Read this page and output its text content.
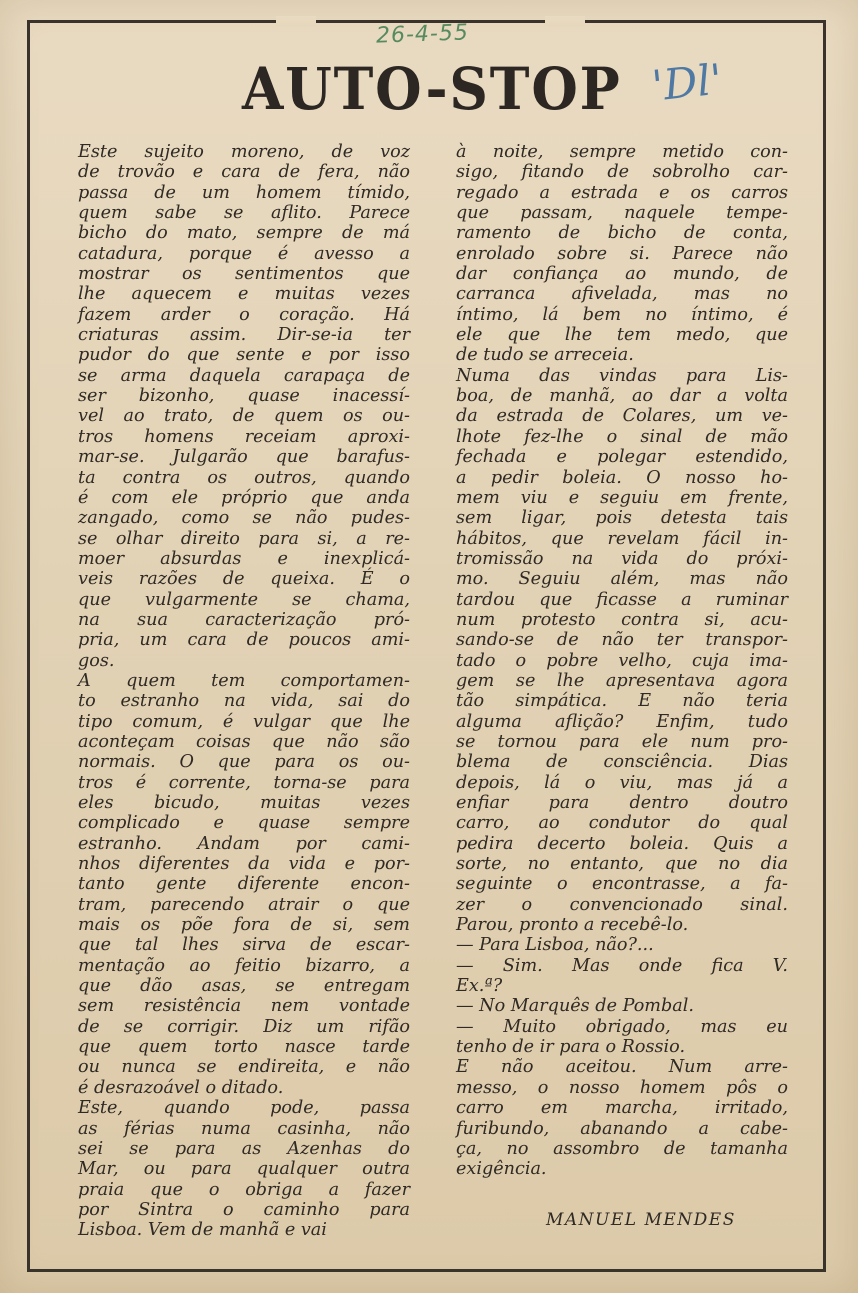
26-4-55
AUTO-STOP 'Dl'
Este sujeito moreno, de voz
de trovão e cara de fera, não
passa de um homem tímido,
quem sabe se aflito. Parece
bicho do mato, sempre de má
catadura, porque é avesso a
mostrar os sentimentos que
lhe aquecem e muitas vezes
fazem arder o coração. Há
criaturas assim. Dir-se-ia ter
pudor do que sente e por isso
se arma daquela carapaça de
ser bizonho, quase inacessí-
vel ao trato, de quem os ou-
tros homens receiam aproxi-
mar-se. Julgarão que barafus-
ta contra os outros, quando
é com ele próprio que anda
zangado, como se não pudes-
se olhar direito para si, a re-
moer absurdas e inexplicá-
veis razões de queixa. É o
que vulgarmente se chama,
na sua caracterização pró-
pria, um cara de poucos ami-
gos.
A quem tem comportamen-
to estranho na vida, sai do
tipo comum, é vulgar que lhe
aconteçam coisas que não são
normais. O que para os ou-
tros é corrente, torna-se para
eles bicudo, muitas vezes
complicado e quase sempre
estranho. Andam por cami-
nhos diferentes da vida e por-
tanto gente diferente encon-
tram, parecendo atrair o que
mais os põe fora de si, sem
que tal lhes sirva de escar-
mentação ao feitio bizarro, a
que dão asas, se entregam
sem resistência nem vontade
de se corrigir. Diz um rifão
que quem torto nasce tarde
ou nunca se endireita, e não
é desrazoável o ditado.
Este, quando pode, passa
as férias numa casinha, não
sei se para as Azenhas do
Mar, ou para qualquer outra
praia que o obriga a fazer
por Sintra o caminho para
Lisboa. Vem de manhã e vai
à noite, sempre metido con-
sigo, fitando de sobrolho car-
regado a estrada e os carros
que passam, naquele tempe-
ramento de bicho de conta,
enrolado sobre si. Parece não
dar confiança ao mundo, de
carranca afivelada, mas no
íntimo, lá bem no íntimo, é
ele que lhe tem medo, que
de tudo se arreceia.
Numa das vindas para Lis-
boa, de manhã, ao dar a volta
da estrada de Colares, um ve-
lhote fez-lhe o sinal de mão
fechada e polegar estendido,
a pedir boleia. O nosso ho-
mem viu e seguiu em frente,
sem ligar, pois detesta tais
hábitos, que revelam fácil in-
tromissão na vida do próxi-
mo. Seguiu além, mas não
tardou que ficasse a ruminar
num protesto contra si, acu-
sando-se de não ter transpor-
tado o pobre velho, cuja ima-
gem se lhe apresentava agora
tão simpática. E não teria
alguma aflição? Enfim, tudo
se tornou para ele num pro-
blema de consciência. Dias
depois, lá o viu, mas já a
enfiar para dentro doutro
carro, ao condutor do qual
pedira decerto boleia. Quis a
sorte, no entanto, que no dia
seguinte o encontrasse, a fa-
zer o convencionado sinal.
Parou, pronto a recebê-lo.
— Para Lisboa, não?...
— Sim. Mas onde fica V.
Ex.ª?
— No Marquês de Pombal.
— Muito obrigado, mas eu
tenho de ir para o Rossio.
E não aceitou. Num arre-
messo, o nosso homem pôs o
carro em marcha, irritado,
furibundo, abanando a cabe-
ça, no assombro de tamanha
exigência.
MANUEL MENDES
